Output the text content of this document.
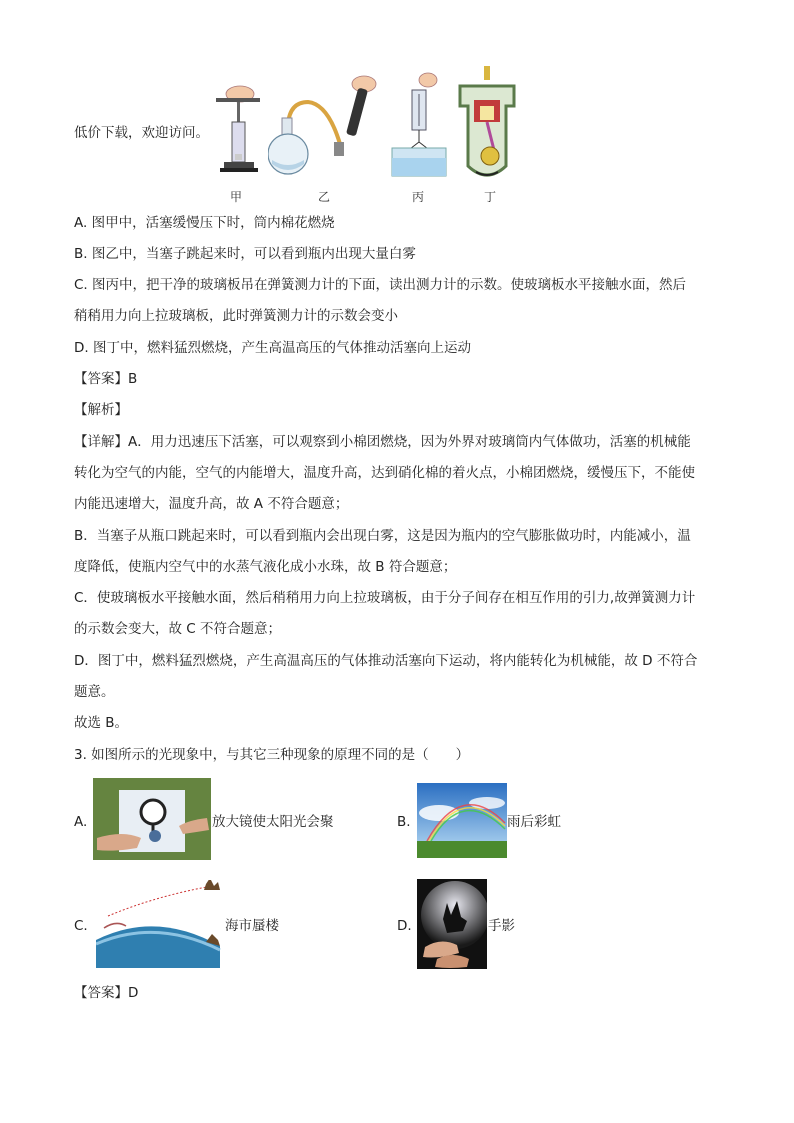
低价下载，欢迎访问。
甲	乙	丙	丁
A. 图甲中，活塞缓慢压下时，筒内棉花燃烧
B. 图乙中，当塞子跳起来时，可以看到瓶内出现大量白雾
C. 图丙中，把干净的玻璃板吊在弹簧测力计的下面，读出测力计的示数。使玻璃板水平接触水面，然后
稍稍用力向上拉玻璃板，此时弹簧测力计的示数会变小
D. 图丁中，燃料猛烈燃烧，产生高温高压的气体推动活塞向上运动
【答案】B
【解析】
【详解】A．用力迅速压下活塞，可以观察到小棉团燃烧，因为外界对玻璃筒内气体做功，活塞的机械能
转化为空气的内能，空气的内能增大，温度升高，达到硝化棉的着火点，小棉团燃烧，缓慢压下，不能使
内能迅速增大，温度升高，故 A 不符合题意；
B．当塞子从瓶口跳起来时，可以看到瓶内会出现白雾，这是因为瓶内的空气膨胀做功时，内能减小，温
度降低，使瓶内空气中的水蒸气液化成小水珠，故 B 符合题意；
C．使玻璃板水平接触水面，然后稍稍用力向上拉玻璃板，由于分子间存在相互作用的引力,故弹簧测力计
的示数会变大，故 C 不符合题意；
D．图丁中，燃料猛烈燃烧，产生高温高压的气体推动活塞向下运动，将内能转化为机械能，故 D 不符合
题意。
故选 B。
3. 如图所示的光现象中，与其它三种现象的原理不同的是（　　）
A.	放大镜使太阳光会聚	B.	雨后彩虹
C.	海市蜃楼	D.	手影
【答案】D
